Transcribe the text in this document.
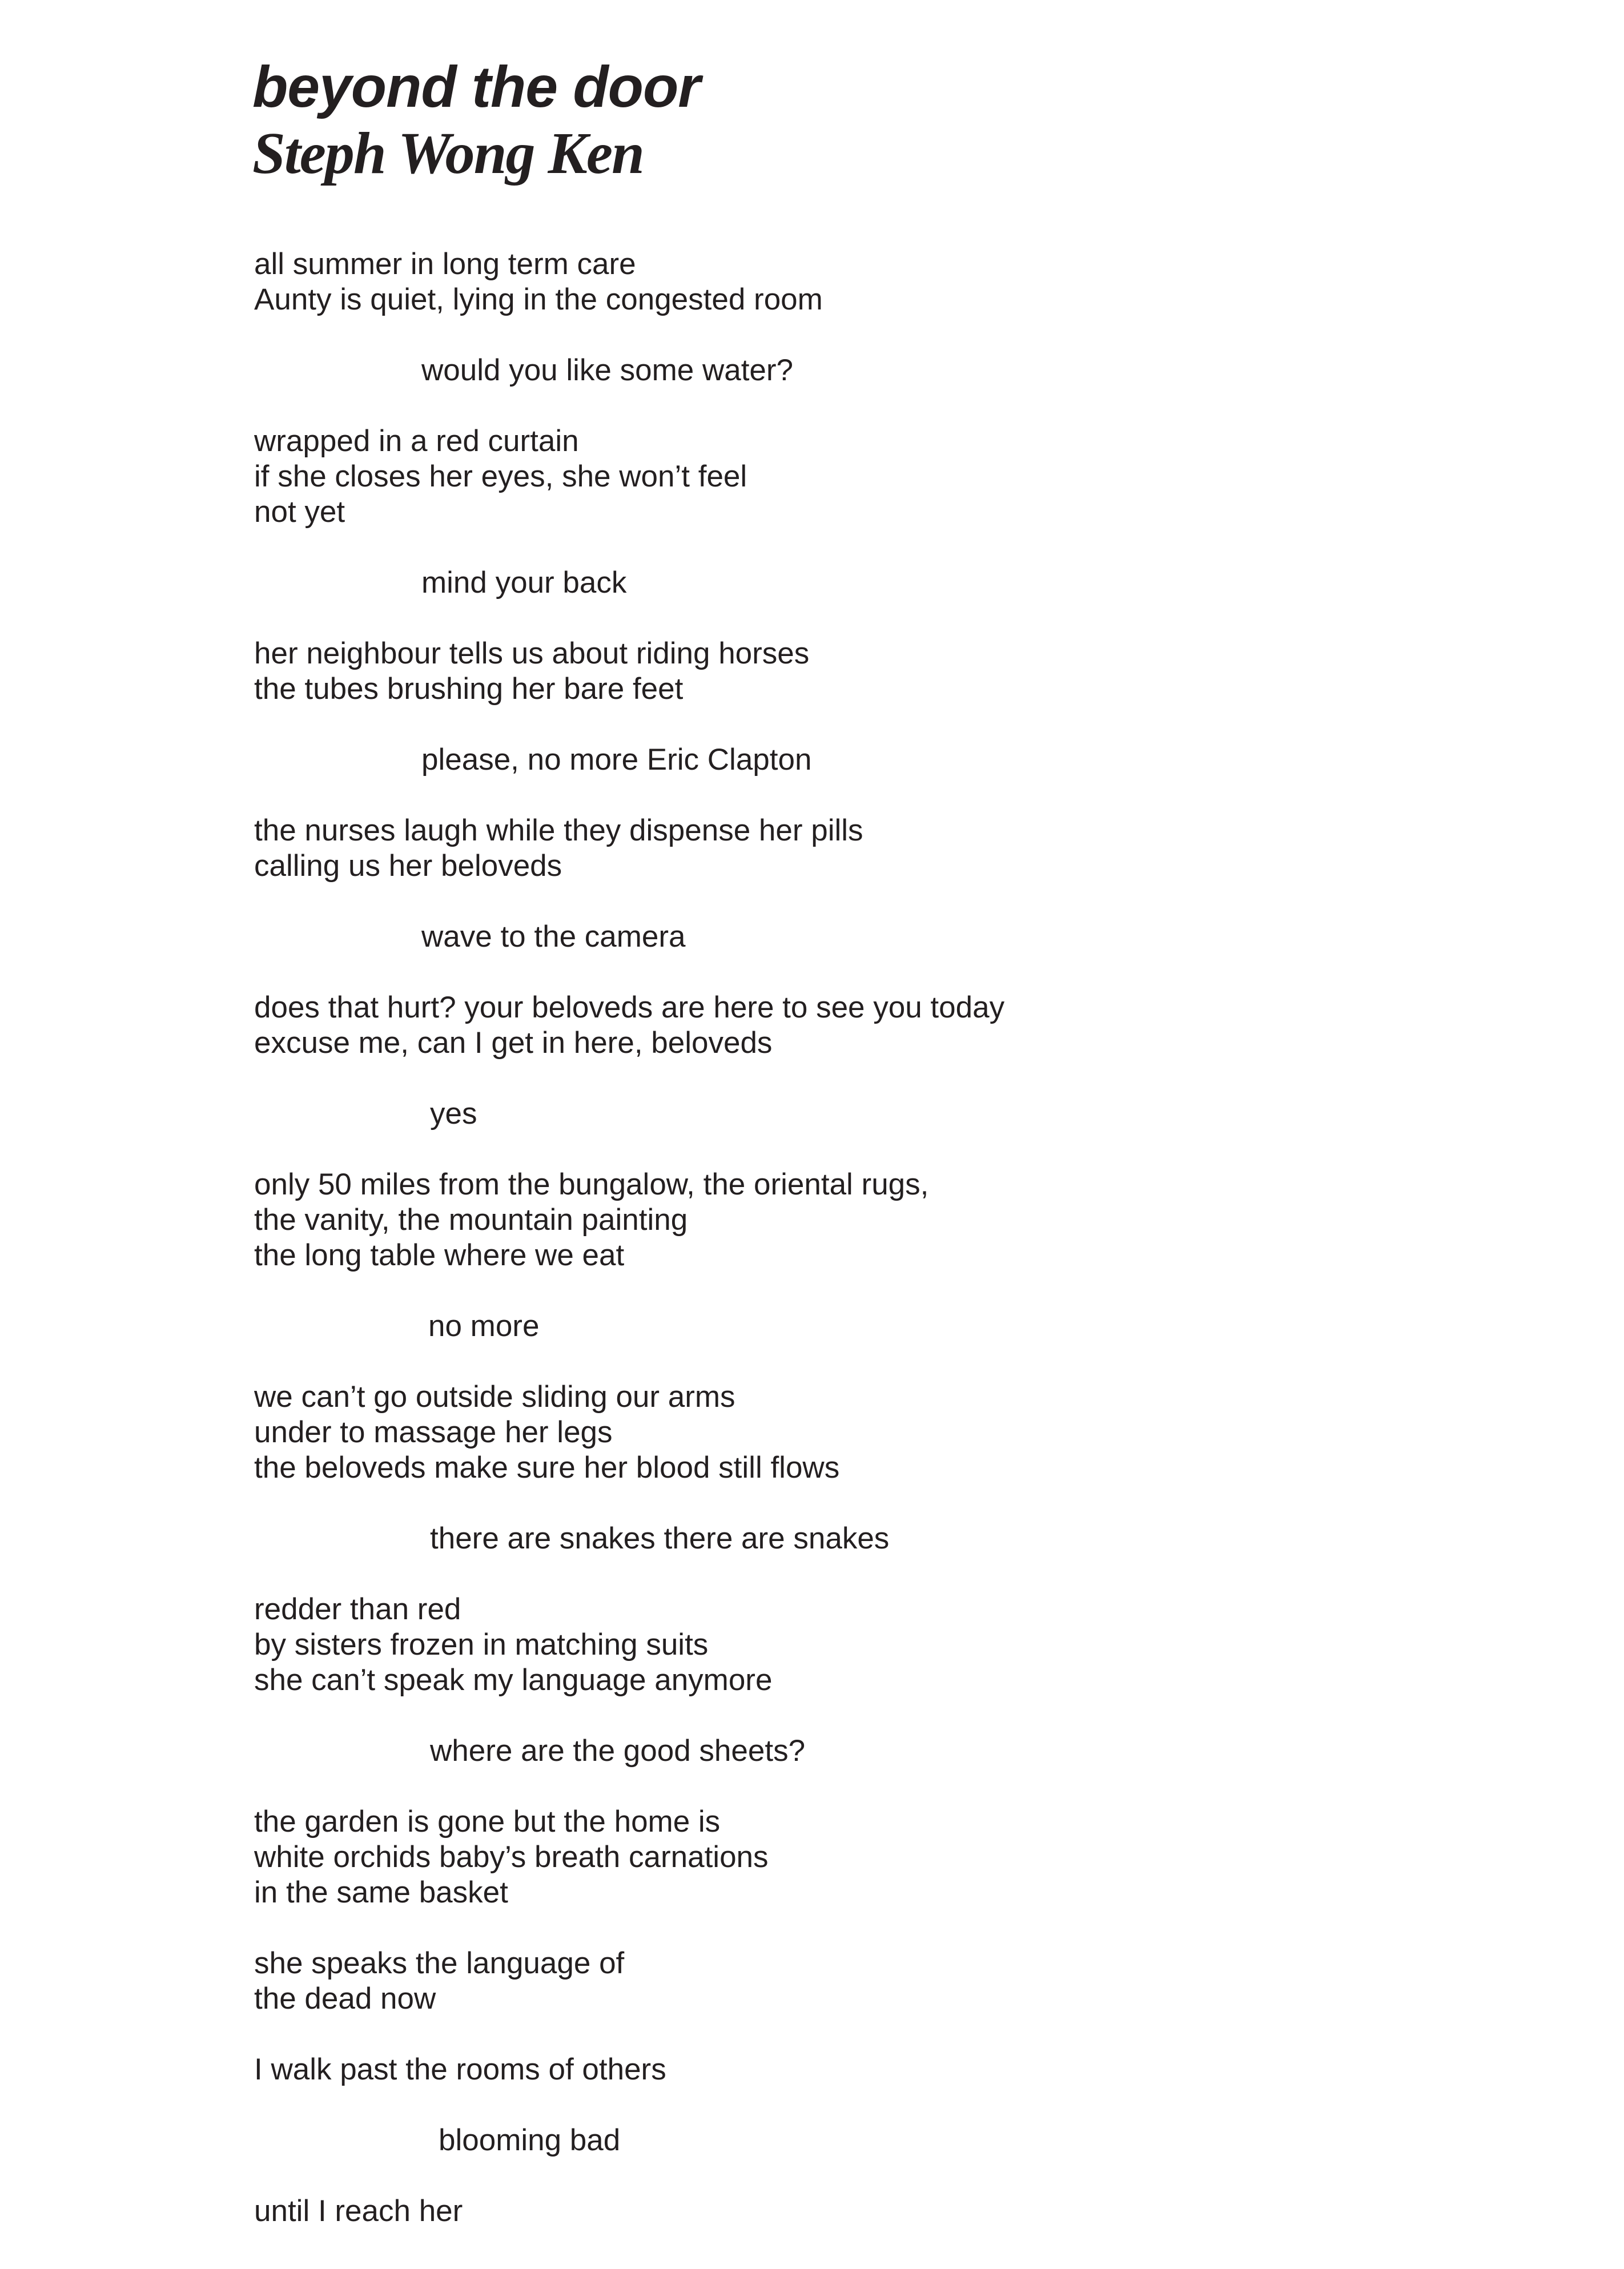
beyond the door
Steph Wong Ken
all summer in long term care
Aunty is quiet, lying in the congested room
would you like some water?
wrapped in a red curtain
if she closes her eyes, she won’t feel
not yet
mind your back
her neighbour tells us about riding horses
the tubes brushing her bare feet
please, no more Eric Clapton
the nurses laugh while they dispense her pills
calling us her beloveds
wave to the camera
does that hurt? your beloveds are here to see you today
excuse me, can I get in here, beloveds
yes
only 50 miles from the bungalow, the oriental rugs,
the vanity, the mountain painting
the long table where we eat
no more
we can’t go outside sliding our arms
under to massage her legs
the beloveds make sure her blood still flows
there are snakes there are snakes
redder than red
by sisters frozen in matching suits
she can’t speak my language anymore
where are the good sheets?
the garden is gone but the home is
white orchids baby’s breath carnations
in the same basket
she speaks the language of
the dead now
I walk past the rooms of others
blooming bad
until I reach her
